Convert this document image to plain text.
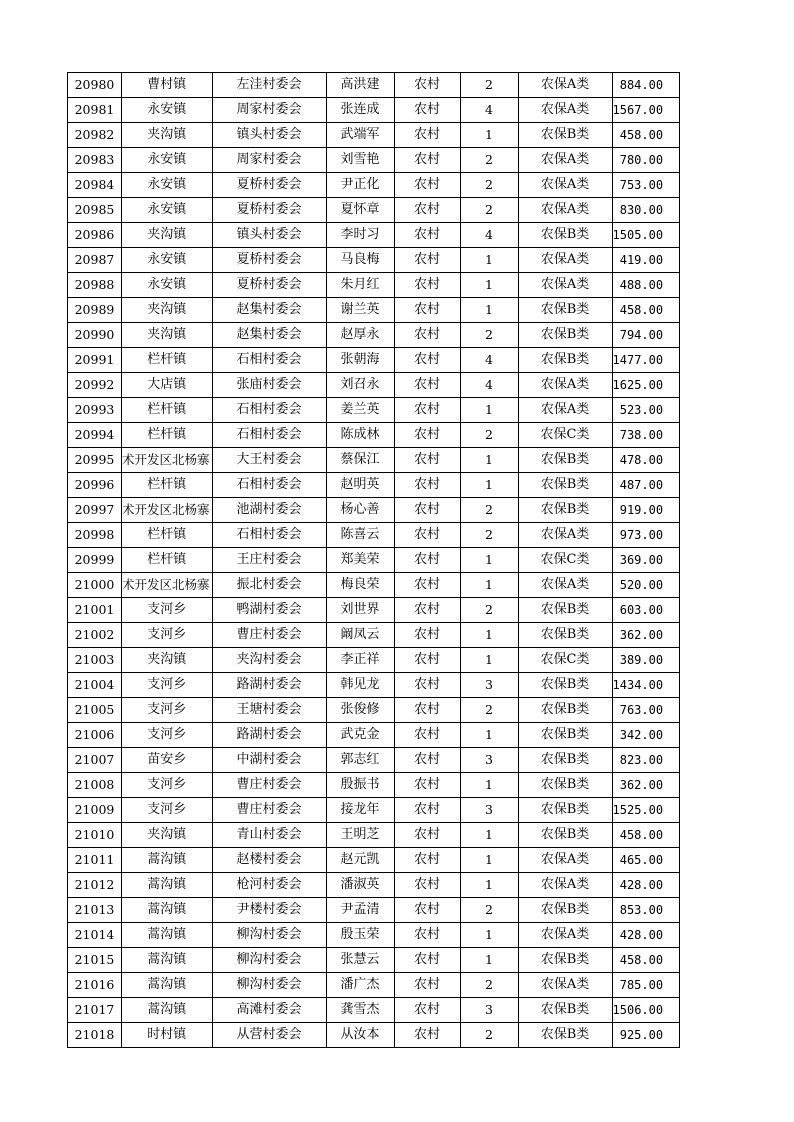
20980	曹村镇	左洼村委会	高洪建	农村	2	农保A类	884.00
20981	永安镇	周家村委会	张连成	农村	4	农保A类	1567.00
20982	夹沟镇	镇头村委会	武端军	农村	1	农保B类	458.00
20983	永安镇	周家村委会	刘雪艳	农村	2	农保A类	780.00
20984	永安镇	夏桥村委会	尹正化	农村	2	农保A类	753.00
20985	永安镇	夏桥村委会	夏怀章	农村	2	农保A类	830.00
20986	夹沟镇	镇头村委会	李时习	农村	4	农保B类	1505.00
20987	永安镇	夏桥村委会	马良梅	农村	1	农保A类	419.00
20988	永安镇	夏桥村委会	朱月红	农村	1	农保A类	488.00
20989	夹沟镇	赵集村委会	谢兰英	农村	1	农保B类	458.00
20990	夹沟镇	赵集村委会	赵厚永	农村	2	农保B类	794.00
20991	栏杆镇	石相村委会	张朝海	农村	4	农保B类	1477.00
20992	大店镇	张庙村委会	刘召永	农村	4	农保A类	1625.00
20993	栏杆镇	石相村委会	姜兰英	农村	1	农保A类	523.00
20994	栏杆镇	石相村委会	陈成林	农村	2	农保C类	738.00
20995	术开发区北杨寨	大王村委会	蔡保江	农村	1	农保B类	478.00
20996	栏杆镇	石相村委会	赵明英	农村	1	农保B类	487.00
20997	术开发区北杨寨	池湖村委会	杨心善	农村	2	农保B类	919.00
20998	栏杆镇	石相村委会	陈喜云	农村	2	农保A类	973.00
20999	栏杆镇	王庄村委会	郑美荣	农村	1	农保C类	369.00
21000	术开发区北杨寨	振北村委会	梅良荣	农村	1	农保A类	520.00
21001	支河乡	鸭湖村委会	刘世界	农村	2	农保B类	603.00
21002	支河乡	曹庄村委会	阚凤云	农村	1	农保B类	362.00
21003	夹沟镇	夹沟村委会	李正祥	农村	1	农保C类	389.00
21004	支河乡	路湖村委会	韩见龙	农村	3	农保B类	1434.00
21005	支河乡	王塘村委会	张俊修	农村	2	农保B类	763.00
21006	支河乡	路湖村委会	武克金	农村	1	农保B类	342.00
21007	苗安乡	中湖村委会	郭志红	农村	3	农保B类	823.00
21008	支河乡	曹庄村委会	殷振书	农村	1	农保B类	362.00
21009	支河乡	曹庄村委会	接龙年	农村	3	农保B类	1525.00
21010	夹沟镇	青山村委会	王明芝	农村	1	农保B类	458.00
21011	蒿沟镇	赵楼村委会	赵元凯	农村	1	农保A类	465.00
21012	蒿沟镇	枪河村委会	潘淑英	农村	1	农保A类	428.00
21013	蒿沟镇	尹楼村委会	尹孟清	农村	2	农保B类	853.00
21014	蒿沟镇	柳沟村委会	殷玉荣	农村	1	农保A类	428.00
21015	蒿沟镇	柳沟村委会	张慧云	农村	1	农保B类	458.00
21016	蒿沟镇	柳沟村委会	潘广杰	农村	2	农保A类	785.00
21017	蒿沟镇	高滩村委会	龚雪杰	农村	3	农保B类	1506.00
21018	时村镇	从营村委会	从汝本	农村	2	农保B类	925.00
